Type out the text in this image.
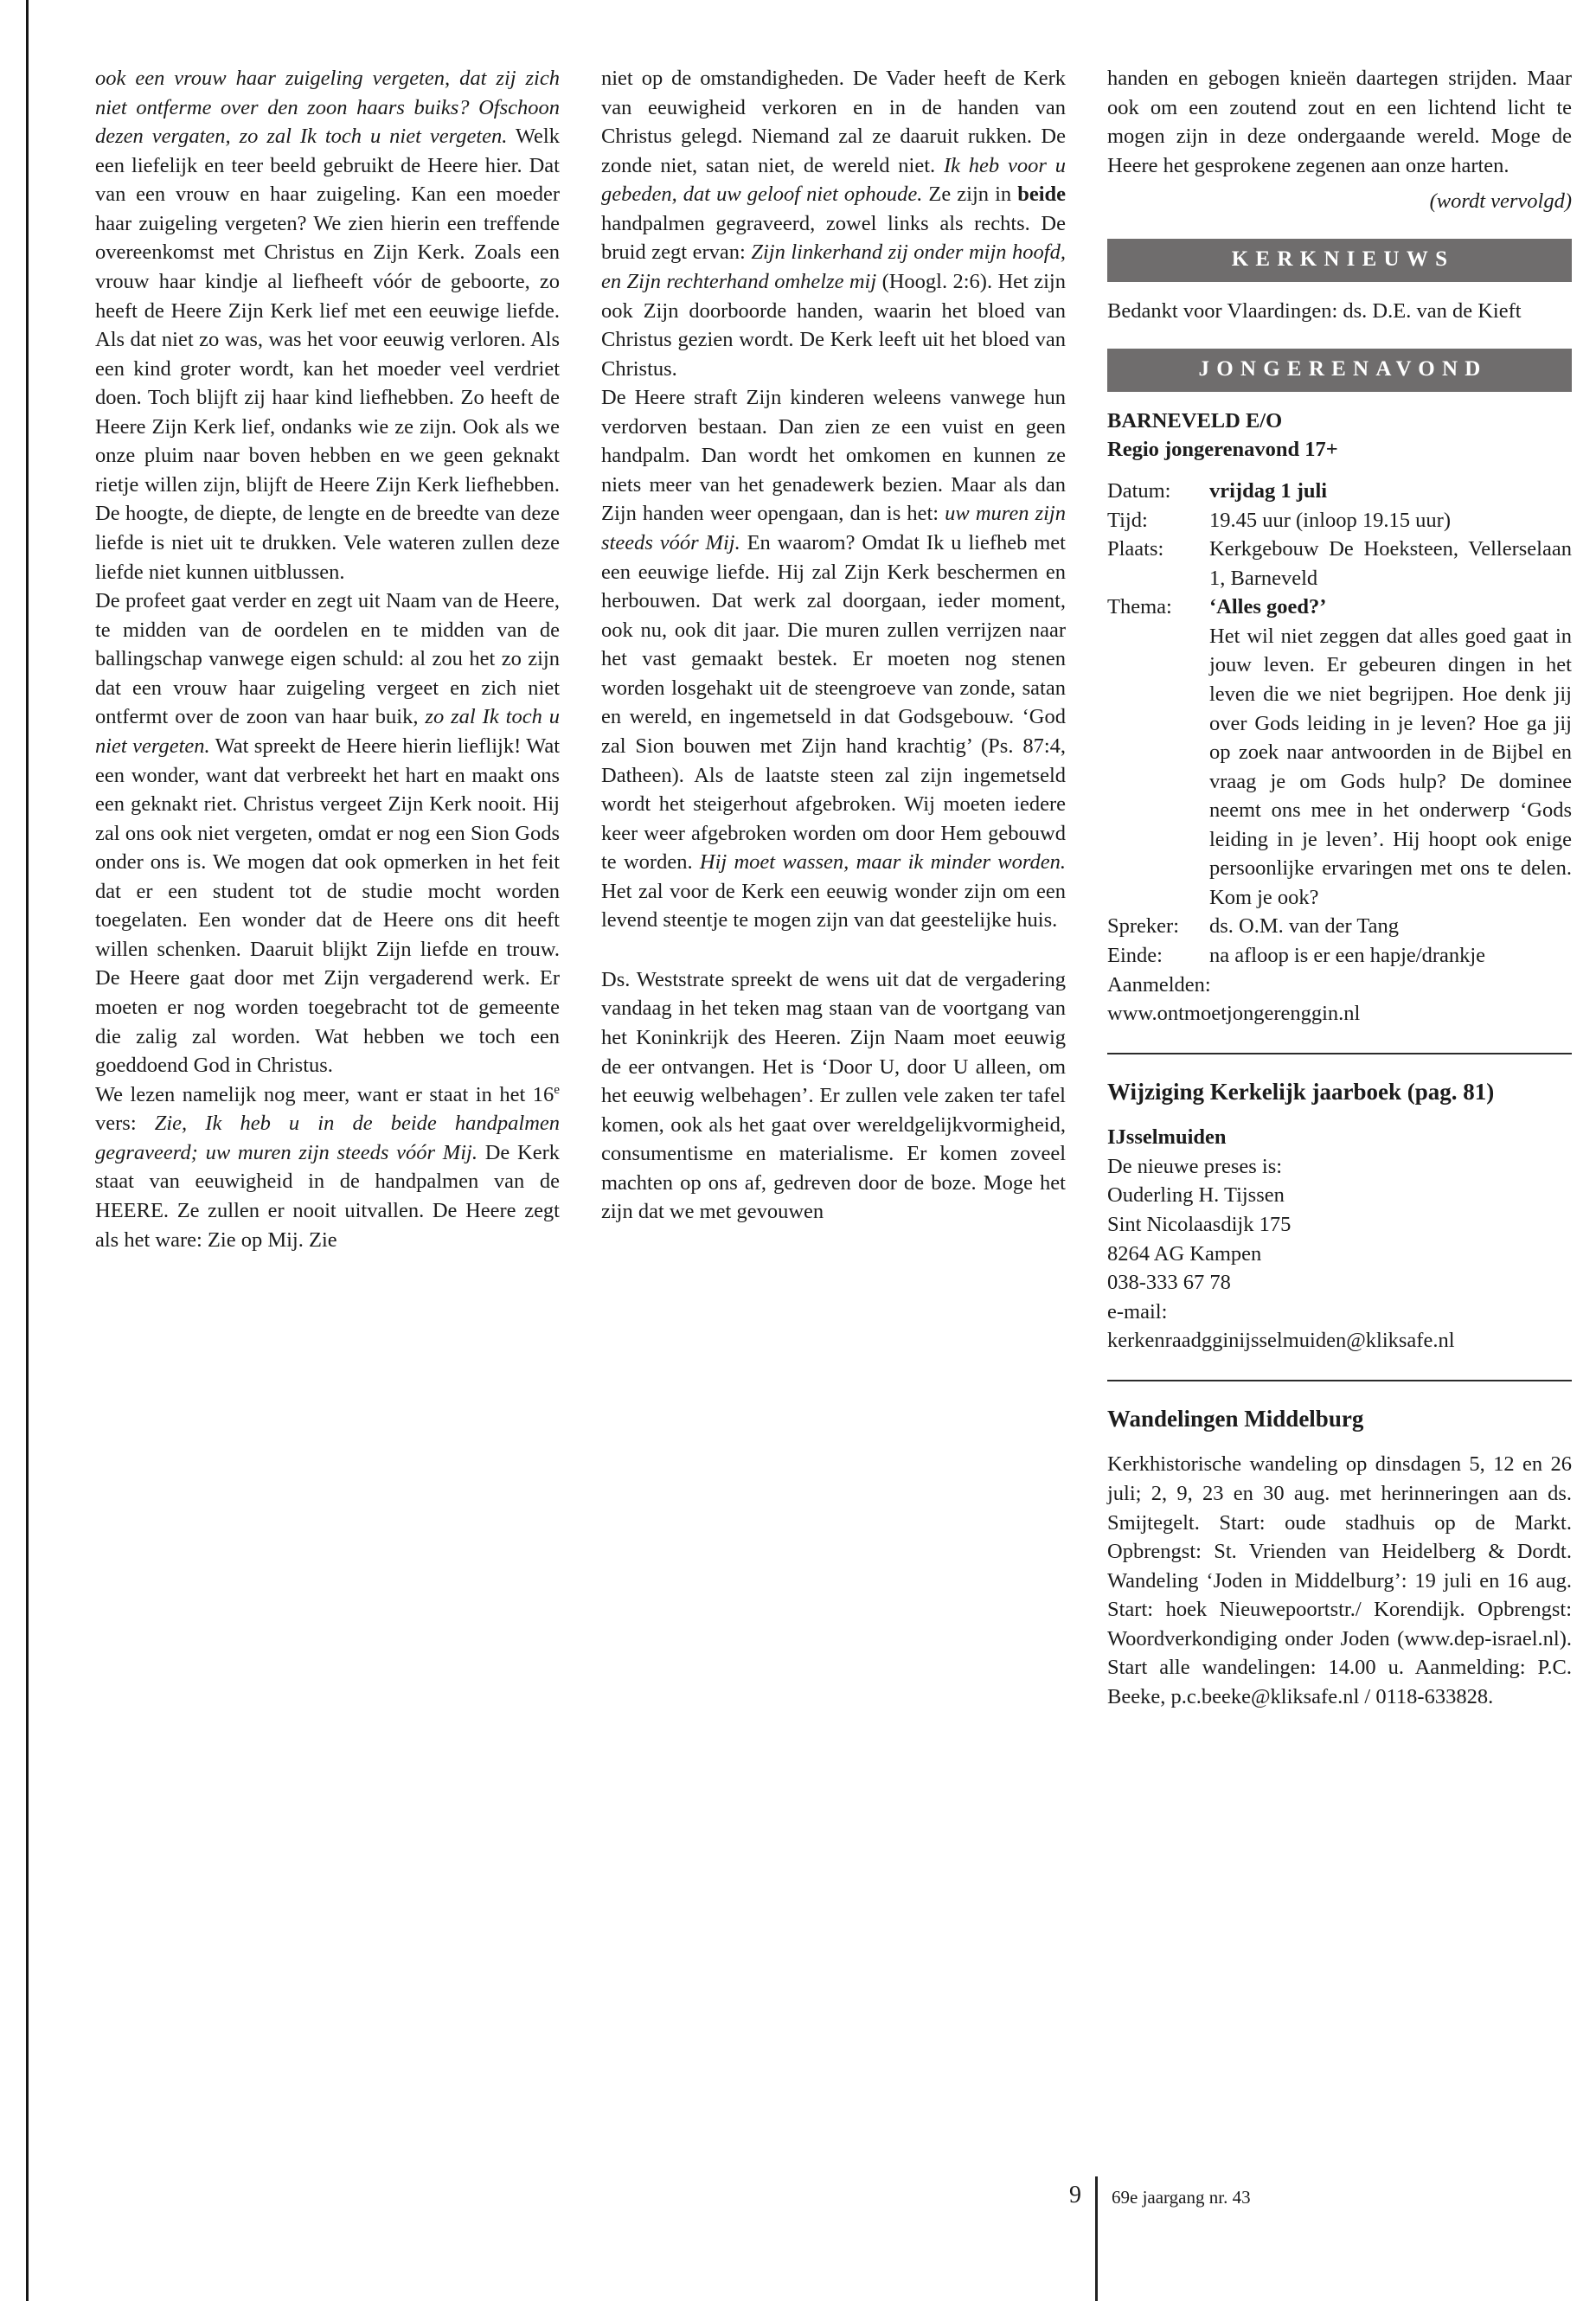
ook een vrouw haar zuigeling vergeten, dat zij zich niet ontferme over den zoon haars buiks? Ofschoon dezen vergaten, zo zal Ik toch u niet vergeten. Welk een liefelijk en teer beeld gebruikt de Heere hier. Dat van een vrouw en haar zuigeling. Kan een moeder haar zuigeling vergeten? We zien hierin een treffende overeenkomst met Christus en Zijn Kerk. Zoals een vrouw haar kindje al liefheeft vóór de geboorte, zo heeft de Heere Zijn Kerk lief met een eeuwige liefde. Als dat niet zo was, was het voor eeuwig verloren. Als een kind groter wordt, kan het moeder veel verdriet doen. Toch blijft zij haar kind liefhebben. Zo heeft de Heere Zijn Kerk lief, ondanks wie ze zijn. Ook als we onze pluim naar boven hebben en we geen geknakt rietje willen zijn, blijft de Heere Zijn Kerk liefhebben. De hoogte, de diepte, de lengte en de breedte van deze liefde is niet uit te drukken. Vele wateren zullen deze liefde niet kunnen uitblussen.

De profeet gaat verder en zegt uit Naam van de Heere, te midden van de oordelen en te midden van de ballingschap vanwege eigen schuld: al zou het zo zijn dat een vrouw haar zuigeling vergeet en zich niet ontfermt over de zoon van haar buik, zo zal Ik toch u niet vergeten. Wat spreekt de Heere hierin lieflijk! Wat een wonder, want dat verbreekt het hart en maakt ons een geknakt riet. Christus vergeet Zijn Kerk nooit. Hij zal ons ook niet vergeten, omdat er nog een Sion Gods onder ons is. We mogen dat ook opmerken in het feit dat er een student tot de studie mocht worden toegelaten. Een wonder dat de Heere ons dit heeft willen schenken. Daaruit blijkt Zijn liefde en trouw. De Heere gaat door met Zijn vergaderend werk. Er moeten er nog worden toegebracht tot de gemeente die zalig zal worden. Wat hebben we toch een goeddoend God in Christus.

We lezen namelijk nog meer, want er staat in het 16e vers: Zie, Ik heb u in de beide handpalmen gegraveerd; uw muren zijn steeds vóór Mij. De Kerk staat van eeuwigheid in de handpalmen van de HEERE. Ze zullen er nooit uitvallen. De Heere zegt als het ware: Zie op Mij. Zie

niet op de omstandigheden. De Vader heeft de Kerk van eeuwigheid verkoren en in de handen van Christus gelegd. Niemand zal ze daaruit rukken. De zonde niet, satan niet, de wereld niet. Ik heb voor u gebeden, dat uw geloof niet ophoude. Ze zijn in beide handpalmen gegraveerd, zowel links als rechts. De bruid zegt ervan: Zijn linkerhand zij onder mijn hoofd, en Zijn rechterhand omhelze mij (Hoogl. 2:6). Het zijn ook Zijn doorboorde handen, waarin het bloed van Christus gezien wordt. De Kerk leeft uit het bloed van Christus.

De Heere straft Zijn kinderen weleens vanwege hun verdorven bestaan. Dan zien ze een vuist en geen handpalm. Dan wordt het omkomen en kunnen ze niets meer van het genadewerk bezien. Maar als dan Zijn handen weer opengaan, dan is het: uw muren zijn steeds vóór Mij. En waarom? Omdat Ik u liefheb met een eeuwige liefde. Hij zal Zijn Kerk beschermen en herbouwen. Dat werk zal doorgaan, ieder moment, ook nu, ook dit jaar. Die muren zullen verrijzen naar het vast gemaakt bestek. Er moeten nog stenen worden losgehakt uit de steengroeve van zonde, satan en wereld, en ingemetseld in dat Godsgebouw. ‘God zal Sion bouwen met Zijn hand krachtig’ (Ps. 87:4, Datheen). Als de laatste steen zal zijn ingemetseld wordt het steigerhout afgebroken. Wij moeten iedere keer weer afgebroken worden om door Hem gebouwd te worden. Hij moet wassen, maar ik minder worden. Het zal voor de Kerk een eeuwig wonder zijn om een levend steentje te mogen zijn van dat geestelijke huis.

Ds. Weststrate spreekt de wens uit dat de vergadering vandaag in het teken mag staan van de voortgang van het Koninkrijk des Heeren. Zijn Naam moet eeuwig de eer ontvangen. Het is ‘Door U, door U alleen, om het eeuwig welbehagen’. Er zullen vele zaken ter tafel komen, ook als het gaat over wereldgelijkvormigheid, consumentisme en materialisme. Er komen zoveel machten op ons af, gedreven door de boze. Moge het zijn dat we met gevouwen

handen en gebogen knieën daartegen strijden. Maar ook om een zoutend zout en een lichtend licht te mogen zijn in deze ondergaande wereld. Moge de Heere het gesprokene zegenen aan onze harten.

(wordt vervolgd)

KERKNIEUWS

Bedankt voor Vlaardingen: ds. D.E. van de Kieft

JONGERENAVOND

BARNEVELD E/O

Regio jongerenavond 17+

Datum:	vrijdag 1 juli
Tijd:	19.45 uur (inloop 19.15 uur)
Plaats:	Kerkgebouw De Hoeksteen, Vellerselaan 1, Barneveld
Thema:	‘Alles goed?’
Het wil niet zeggen dat alles goed gaat in jouw leven. Er gebeuren dingen in het leven die we niet begrijpen. Hoe denk jij over Gods leiding in je leven? Hoe ga jij op zoek naar antwoorden in de Bijbel en vraag je om Gods hulp? De dominee neemt ons mee in het onderwerp ‘Gods leiding in je leven’. Hij hoopt ook enige persoonlijke ervaringen met ons te delen. Kom je ook?
Spreker:	ds. O.M. van der Tang
Einde:	na afloop is er een hapje/drankje

Aanmelden:

www.ontmoetjongerenggin.nl

Wijziging Kerkelijk jaarboek (pag. 81)

IJsselmuiden

De nieuwe preses is:

Ouderling H. Tijssen

Sint Nicolaasdijk 175

8264 AG Kampen

038-333 67 78

e-mail:

kerkenraadgginijsselmuiden@kliksafe.nl

Wandelingen Middelburg

Kerkhistorische wandeling op dinsdagen 5, 12 en 26 juli; 2, 9, 23 en 30 aug. met herinneringen aan ds. Smijtegelt. Start: oude stadhuis op de Markt. Opbrengst: St. Vrienden van Heidelberg & Dordt. Wandeling ‘Joden in Middelburg’: 19 juli en 16 aug. Start: hoek Nieuwepoortstr./ Korendijk. Opbrengst: Woordverkondiging onder Joden (www.dep-israel.nl). Start alle wandelingen: 14.00 u. Aanmelding: P.C. Beeke, p.c.beeke@kliksafe.nl / 0118-633828.

9 69e jaargang nr. 43
